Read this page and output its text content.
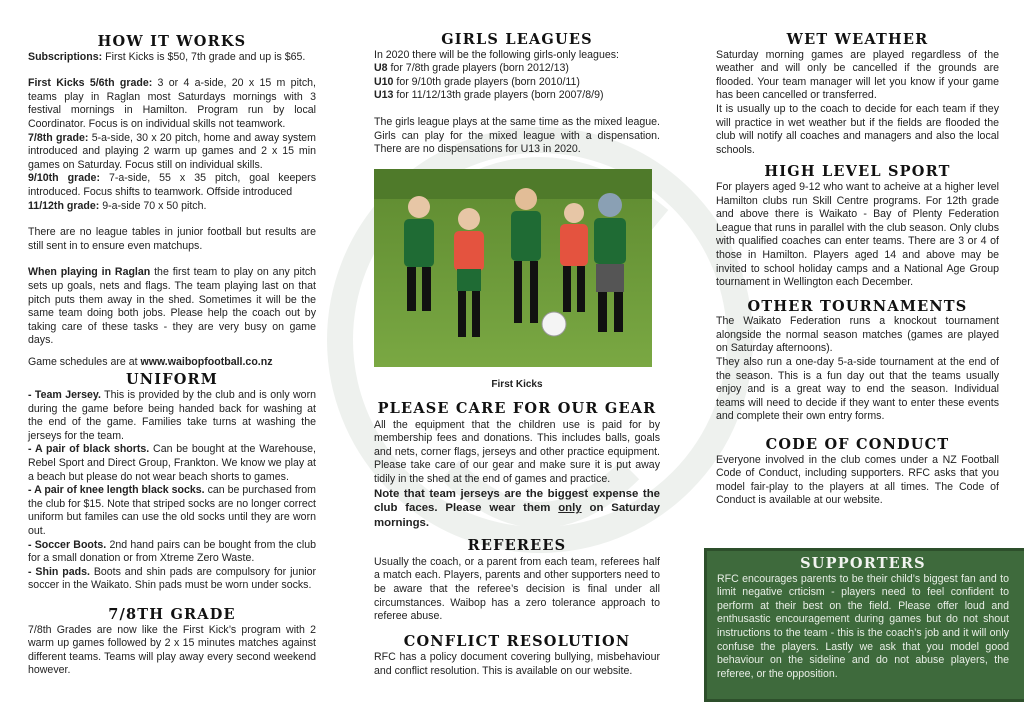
HOW IT WORKS

Subscriptions: First Kicks is $50, 7th grade and up is $65.

First Kicks 5/6th grade: 3 or 4 a-side, 20 x 15 m pitch, teams play in Raglan most Saturdays mornings with 3 festival mornings in Hamilton. Program run by local Coordinator. Focus is on individual skills not teamwork.

7/8th grade: 5-a-side, 30 x 20 pitch, home and away system introduced and playing 2 warm up games and 2 x 15 min games on Saturday. Focus still on individual skills.

9/10th grade: 7-a-side, 55 x 35 pitch, goal keepers introduced. Focus shifts to teamwork. Offside introduced

11/12th grade: 9-a-side 70 x 50 pitch.

There are no league tables in junior football but results are still sent in to ensure even matchups.

When playing in Raglan the first team to play on any pitch sets up goals, nets and flags. The team playing last on that pitch puts them away in the shed. Sometimes it will be the same team doing both jobs. Please help the coach out by taking care of these tasks - they are very busy on game days.

Game schedules are at www.waibopfootball.co.nz

UNIFORM

- Team Jersey. This is provided by the club and is only worn during the game before being handed back for washing at the end of the game. Families take turns at washing the jerseys for the team.

- A pair of black shorts. Can be bought at the Warehouse, Rebel Sport and Direct Group, Frankton. We know we play at a beach but please do not wear beach shorts to games.

- A pair of knee length black socks. can be purchased from the club for $15. Note that striped socks are no longer correct uniform but familes can use the old socks until they are worn out.

- Soccer Boots. 2nd hand pairs can be bought from the club for a small donation or from Xtreme Zero Waste.

- Shin pads. Boots and shin pads are compulsory for junior soccer in the Waikato. Shin pads must be worn under socks.

7/8TH GRADE

7/8th Grades are now like the First Kick’s program with 2 warm up games followed by 2 x 15 minutes matches against different teams. Teams will play away every second weekend however.

GIRLS LEAGUES

In 2020 there will be the following girls-only leagues:

U8 for 7/8th grade players (born 2012/13)

U10 for 9/10th grade players (born 2010/11)

U13 for 11/12/13th grade players (born 2007/8/9)

The girls league plays at the same time as the mixed league. Girls can play for the mixed league with a dispensation. There are no dispensations for U13 in 2020.

First Kicks
PLEASE CARE FOR OUR GEAR

All the equipment that the children use is paid for by membership fees and donations. This includes balls, goals and nets, corner flags, jerseys and other practice equipment. Please take care of our gear and make sure it is put away tidily in the shed at the end of games and practice.

Note that team jerseys are the biggest expense the club faces. Please wear them only on Saturday mornings.

REFEREES

Usually the coach, or a parent from each team, referees half a match each. Players, parents and other supporters need to be aware that the referee’s decision is final under all circumstances. Waibop has a zero tolerance approach to referee abuse.

CONFLICT RESOLUTION

RFC has a policy document covering bullying, misbehaviour and conflict resolution. This is available on our website.

WET WEATHER

Saturday morning games are played regardless of the weather and will only be cancelled if the grounds are flooded. Your team manager will let you know if your game has been cancelled or transferred.

It is usually up to the coach to decide for each team if they will practice in wet weather but if the fields are flooded the club will notify all coaches and managers and also the local schools.

HIGH LEVEL SPORT

For players aged 9-12 who want to acheive at a higher level Hamilton clubs run Skill Centre programs. For 12th grade and above there is Waikato - Bay of Plenty Federation League that runs in parallel with the club season. Only clubs with qualified coaches can enter teams. There are 3 or 4 of those in Hamilton. Players aged 14 and above may be invited to school holiday camps and a National Age Group tournament in Wellington each December.

OTHER TOURNAMENTS

The Waikato Federation runs a knockout tournament alongside the normal season matches (games are played on Saturday afternoons).

They also run a one-day 5-a-side tournament at the end of the season. This is a fun day out that the teams usually enjoy and is a great way to end the season. Individual teams will need to decide if they want to enter these events and complete their own entry forms.

CODE OF CONDUCT

Everyone involved in the club comes under a NZ Football Code of Conduct, including supporters. RFC asks that you model fair-play to the players at all times. The Code of Conduct is available at our website.

SUPPORTERS

RFC encourages parents to be their child’s biggest fan and to limit negative crticism - players need to feel confident to perform at their best on the field. Please offer loud and enthusastic encouragement during games but do not shout instructions to the team - this is the coach’s job and it will only confuse the players. Lastly we ask that you model good behaviour on the sideline and do not abuse players, the referee, or the opposition.
